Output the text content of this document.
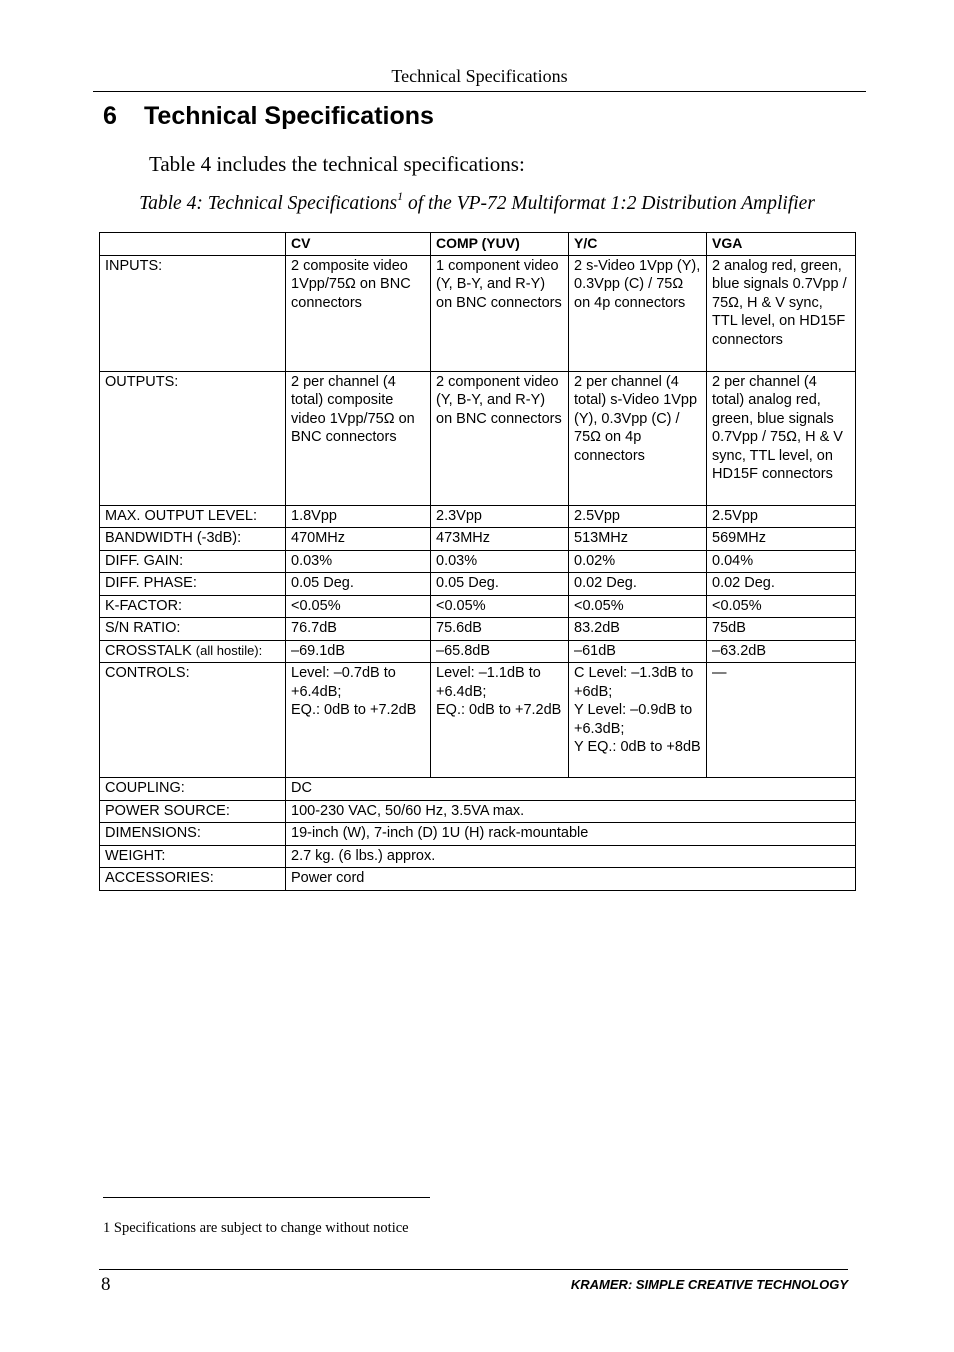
Technical Specifications
6 Technical Specifications

Table 4 includes the technical specifications:

Table 4: Technical Specifications$^1$ of the VP-72 Multiformat 1:2 Distribution Amplifier
	CV	COMP (YUV)	Y/C	VGA
INPUTS:	2 composite video 1Vpp/75Ω on BNC connectors	1 component video (Y, B-Y, and R-Y) on BNC connectors	2 s-Video 1Vpp (Y), 0.3Vpp (C) / 75Ω on 4p connectors	2 analog red, green, blue signals 0.7Vpp / 75Ω, H & V sync, TTL level, on HD15F connectors
OUTPUTS:	2 per channel (4 total) composite video 1Vpp/75Ω on BNC connectors	2 component video (Y, B-Y, and R-Y) on BNC connectors	2 per channel (4 total) s-Video 1Vpp (Y), 0.3Vpp (C) / 75Ω on 4p connectors	2 per channel (4 total) analog red, green, blue signals 0.7Vpp / 75Ω, H & V sync, TTL level, on HD15F connectors
MAX. OUTPUT LEVEL:	1.8Vpp	2.3Vpp	2.5Vpp	2.5Vpp
BANDWIDTH (-3dB):	470MHz	473MHz	513MHz	569MHz
DIFF. GAIN:	0.03%	0.03%	0.02%	0.04%
DIFF. PHASE:	0.05 Deg.	0.05 Deg.	0.02 Deg.	0.02 Deg.
K-FACTOR:	<0.05%	<0.05%	<0.05%	<0.05%
S/N RATIO:	76.7dB	75.6dB	83.2dB	75dB
CROSSTALK (all hostile):	–69.1dB	–65.8dB	–61dB	–63.2dB
CONTROLS:	Level: –0.7dB to +6.4dB;
EQ.: 0dB to +7.2dB	Level: –1.1dB to +6.4dB;
EQ.: 0dB to +7.2dB	C Level: –1.3dB to +6dB;
Y Level: –0.9dB to +6.3dB;
Y EQ.: 0dB to +8dB	—
COUPLING:	DC			
POWER SOURCE:	100-230 VAC, 50/60 Hz, 3.5VA max.			
DIMENSIONS:	19-inch (W), 7-inch (D) 1U (H) rack-mountable			
WEIGHT:	2.7 kg. (6 lbs.) approx.			
ACCESSORIES:	Power cord			
1 Specifications are subject to change without notice
8	KRAMER: SIMPLE CREATIVE TECHNOLOGY
